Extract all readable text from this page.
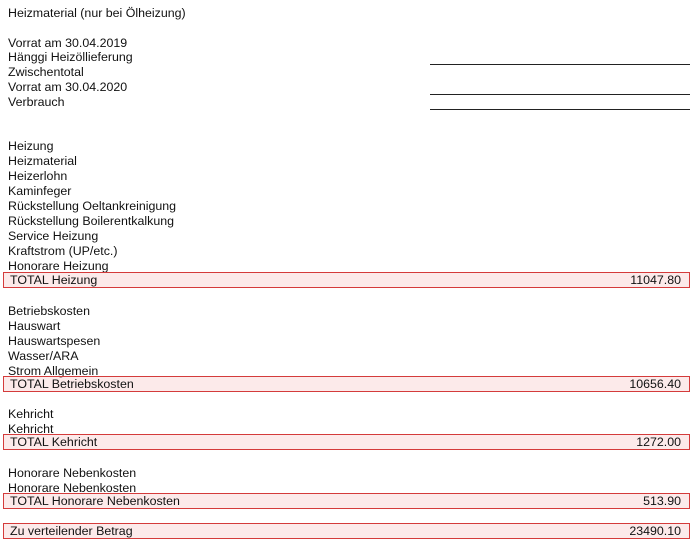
Heizmaterial (nur bei Ölheizung)
Vorrat am 30.04.2019
Hänggi Heizöllieferung
Zwischentotal
Vorrat am 30.04.2020
Verbrauch
Heizung
Heizmaterial
Heizerlohn
Kaminfeger
Rückstellung Oeltankreinigung
Rückstellung Boilerentkalkung
Service Heizung
Kraftstrom (UP/etc.)
Honorare Heizung
TOTAL Heizung	11047.80
Betriebskosten
Hauswart
Hauswartspesen
Wasser/ARA
Strom Allgemein
TOTAL Betriebskosten	10656.40
Kehricht
Kehricht
TOTAL Kehricht	1272.00
Honorare Nebenkosten
Honorare Nebenkosten
TOTAL Honorare Nebenkosten	513.90
Zu verteilender Betrag	23490.10
